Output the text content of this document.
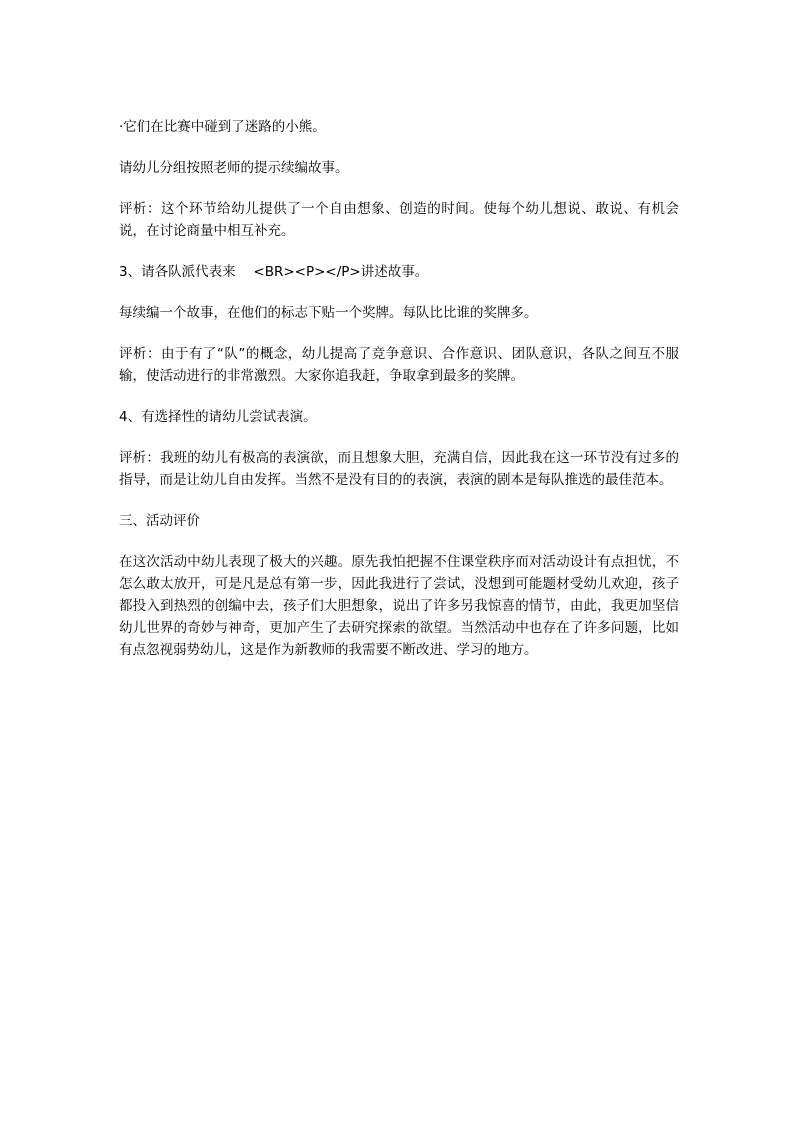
·它们在比赛中碰到了迷路的小熊。

请幼儿分组按照老师的提示续编故事。

评析：这个环节给幼儿提供了一个自由想象、创造的时间。使每个幼儿想说、敢说、有机会说，在讨论商量中相互补充。

3、请各队派代表来　 <BR><P></P>讲述故事。

每续编一个故事，在他们的标志下贴一个奖牌。每队比比谁的奖牌多。

评析：由于有了“队”的概念，幼儿提高了竞争意识、合作意识、团队意识，各队之间互不服输，使活动进行的非常激烈。大家你追我赶，争取拿到最多的奖牌。

4、有选择性的请幼儿尝试表演。

评析：我班的幼儿有极高的表演欲，而且想象大胆，充满自信，因此我在这一环节没有过多的指导，而是让幼儿自由发挥。当然不是没有目的的表演，表演的剧本是每队推选的最佳范本。

三、活动评价

在这次活动中幼儿表现了极大的兴趣。原先我怕把握不住课堂秩序而对活动设计有点担忧，不怎么敢太放开，可是凡是总有第一步，因此我进行了尝试，没想到可能题材受幼儿欢迎，孩子都投入到热烈的创编中去，孩子们大胆想象，说出了许多另我惊喜的情节，由此，我更加坚信幼儿世界的奇妙与神奇，更加产生了去研究探索的欲望。当然活动中也存在了许多问题，比如有点忽视弱势幼儿，这是作为新教师的我需要不断改进、学习的地方。
